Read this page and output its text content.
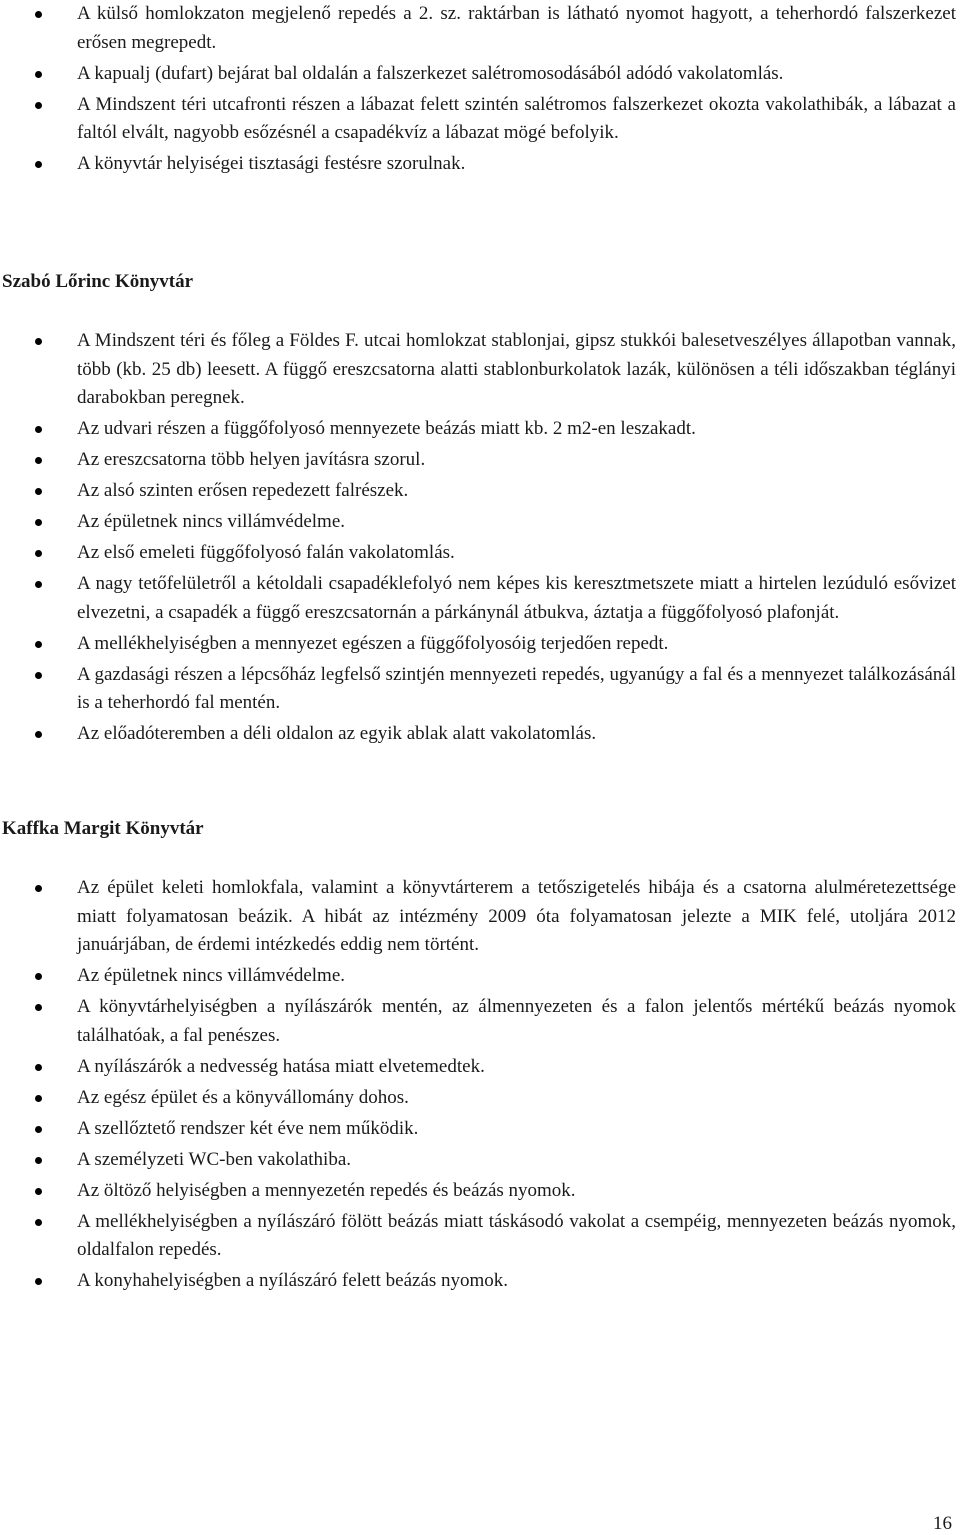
A külső homlokzaton megjelenő repedés a 2. sz. raktárban is látható nyomot hagyott, a teherhordó falszerkezet erősen megrepedt.
A kapualj (dufart) bejárat bal oldalán a falszerkezet salétromosodásából adódó vakolatomlás.
A Mindszent téri utcafronti részen a lábazat felett szintén salétromos falszerkezet okozta vakolathibák, a lábazat a faltól elvált, nagyobb esőzésnél a csapadékvíz a lábazat mögé befolyik.
A könyvtár helyiségei tisztasági festésre szorulnak.
Szabó Lőrinc Könyvtár
A Mindszent téri és főleg a Földes F. utcai homlokzat stablonjai, gipsz stukkói balesetveszélyes állapotban vannak, több (kb. 25 db) leesett. A függő ereszcsatorna alatti stablonburkolatok lazák, különösen a téli időszakban téglányi darabokban peregnek.
Az udvari részen a függőfolyosó mennyezete beázás miatt kb. 2 m2-en leszakadt.
Az ereszcsatorna több helyen javításra szorul.
Az alsó szinten erősen repedezett falrészek.
Az épületnek nincs villámvédelme.
Az első emeleti függőfolyosó falán vakolatomlás.
A nagy tetőfelületről a kétoldali csapadéklefolyó nem képes kis keresztmetszete miatt a hirtelen lezúduló esővizet elvezetni, a csapadék a függő ereszcsatornán a párkánynál átbukva, áztatja a függőfolyosó plafonját.
A mellékhelyiségben a mennyezet egészen a függőfolyosóig terjedően repedt.
A gazdasági részen a lépcsőház legfelső szintjén mennyezeti repedés, ugyanúgy a fal és a mennyezet találkozásánál is a teherhordó fal mentén.
Az előadóteremben a déli oldalon az egyik ablak alatt vakolatomlás.
Kaffka Margit Könyvtár
Az épület keleti homlokfala, valamint a könyvtárterem a tetőszigetelés hibája és a csatorna alulméretezettsége miatt folyamatosan beázik. A hibát az intézmény 2009 óta folyamatosan jelezte a MIK felé, utoljára 2012 januárjában, de érdemi intézkedés eddig nem történt.
Az épületnek nincs villámvédelme.
A könyvtárhelyiségben a nyílászárók mentén, az álmennyezeten és a falon jelentős mértékű beázás nyomok találhatóak, a fal penészes.
A nyílászárók a nedvesség hatása miatt elvetemedtek.
Az egész épület és a könyvállomány dohos.
A szellőztető rendszer két éve nem működik.
A személyzeti WC-ben vakolathiba.
Az öltöző helyiségben a mennyezetén repedés és beázás nyomok.
A mellékhelyiségben a nyílászáró fölött beázás miatt táskásodó vakolat a csempéig, mennyezeten beázás nyomok, oldalfalon repedés.
A konyhahelyiségben a nyílászáró felett beázás nyomok.
16
